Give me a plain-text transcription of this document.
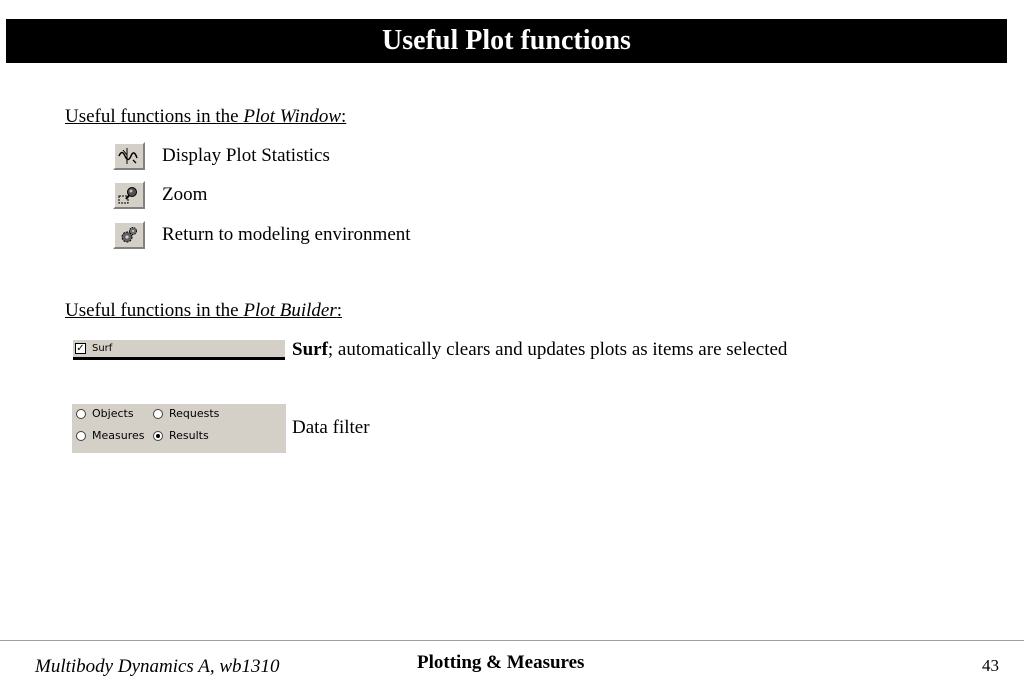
Useful Plot functions
Useful functions in the Plot Window:
Display Plot Statistics
Zoom
Return to modeling environment
Useful functions in the Plot Builder:
✓ Surf	Surf; automatically clears and updates plots as items are selected
Objects	Requests
Measures Results	Data filter
Multibody Dynamics A, wb1310	Plotting & Measures	43
